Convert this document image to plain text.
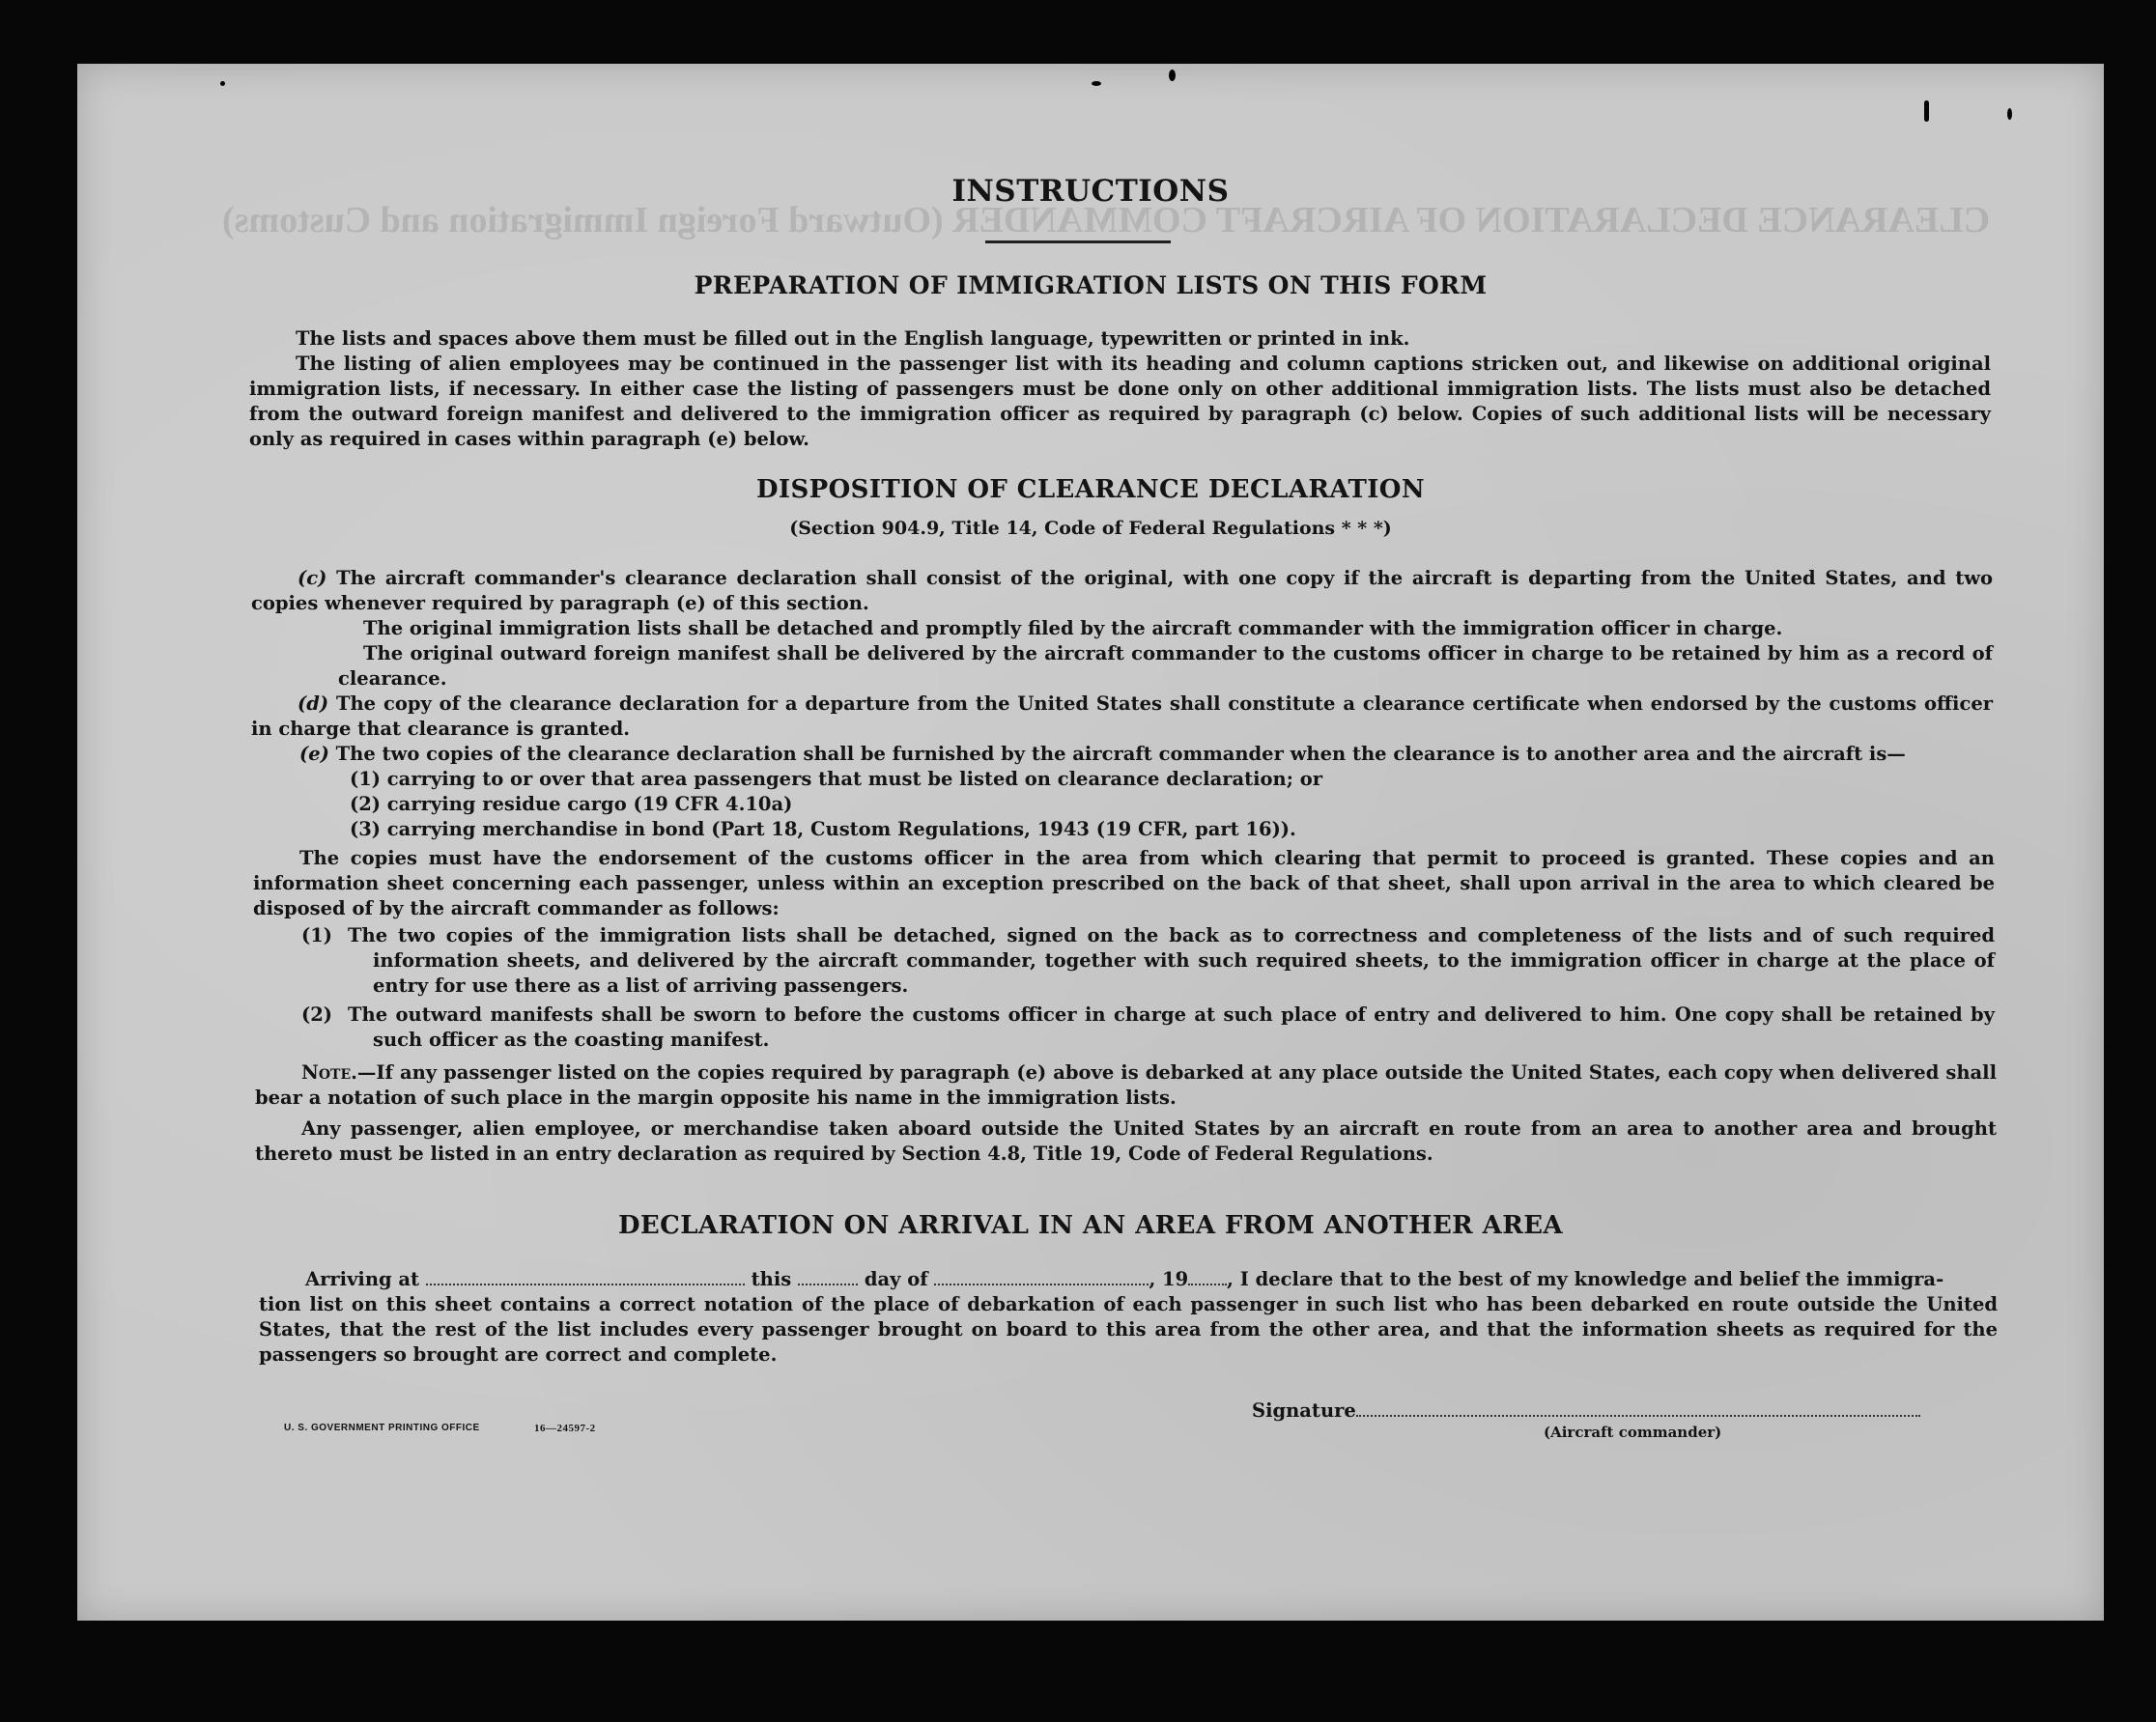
CLEARANCE DECLARATION OF AIRCRAFT COMMANDER (Outward Foreign Immigration and Customs)
INSTRUCTIONS
PREPARATION OF IMMIGRATION LISTS ON THIS FORM
The lists and spaces above them must be filled out in the English language, typewritten or printed in ink.
The listing of alien employees may be continued in the passenger list with its heading and column captions stricken out, and likewise on additional original immigration lists, if necessary. In either case the listing of passengers must be done only on other additional immigration lists. The lists must also be detached from the outward foreign manifest and delivered to the immigration officer as required by paragraph (c) below. Copies of such additional lists will be necessary only as required in cases within paragraph (e) below.
DISPOSITION OF CLEARANCE DECLARATION
(Section 904.9, Title 14, Code of Federal Regulations * * *)
(c) The aircraft commander's clearance declaration shall consist of the original, with one copy if the aircraft is departing from the United States, and two copies whenever required by paragraph (e) of this section.
The original immigration lists shall be detached and promptly filed by the aircraft commander with the immigration officer in charge.
The original outward foreign manifest shall be delivered by the aircraft commander to the customs officer in charge to be retained by him as a record of clearance.
(d) The copy of the clearance declaration for a departure from the United States shall constitute a clearance certificate when endorsed by the customs officer in charge that clearance is granted.
(e) The two copies of the clearance declaration shall be furnished by the aircraft commander when the clearance is to another area and the aircraft is—
(1) carrying to or over that area passengers that must be listed on clearance declaration; or
(2) carrying residue cargo (19 CFR 4.10a)
(3) carrying merchandise in bond (Part 18, Custom Regulations, 1943 (19 CFR, part 16)).
The copies must have the endorsement of the customs officer in the area from which clearing that permit to proceed is granted. These copies and an information sheet concerning each passenger, unless within an exception prescribed on the back of that sheet, shall upon arrival in the area to which cleared be disposed of by the aircraft commander as follows:
(1) The two copies of the immigration lists shall be detached, signed on the back as to correctness and completeness of the lists and of such required information sheets, and delivered by the aircraft commander, together with such required sheets, to the immigration officer in charge at the place of entry for use there as a list of arriving passengers.
(2) The outward manifests shall be sworn to before the customs officer in charge at such place of entry and delivered to him. One copy shall be retained by such officer as the coasting manifest.
Note.—If any passenger listed on the copies required by paragraph (e) above is debarked at any place outside the United States, each copy when delivered shall bear a notation of such place in the margin opposite his name in the immigration lists.
Any passenger, alien employee, or merchandise taken aboard outside the United States by an aircraft en route from an area to another area and brought thereto must be listed in an entry declaration as required by Section 4.8, Title 19, Code of Federal Regulations.
DECLARATION ON ARRIVAL IN AN AREA FROM ANOTHER AREA
Arriving at	this	day of	, 19 , I declare that to the best of my knowledge and belief the immigra-
tion list on this sheet contains a correct notation of the place of debarkation of each passenger in such list who has been debarked en route outside the United States, that the rest of the list includes every passenger brought on board to this area from the other area, and that the information sheets as required for the passengers so brought are correct and complete.
U. S. GOVERNMENT PRINTING OFFICE	16—24597-2
Signature
(Aircraft commander)
